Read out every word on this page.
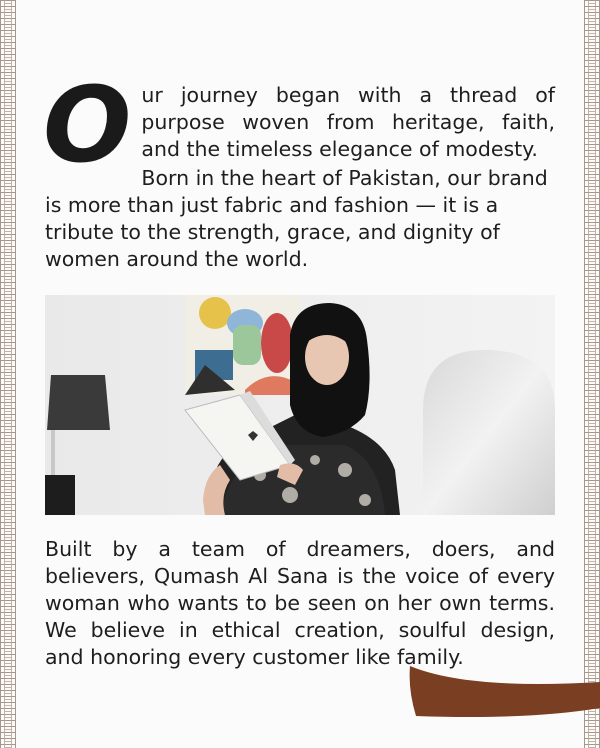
O ur journey began with a thread of purpose woven from heritage, faith, and the timeless elegance of modesty.
Born in the heart of Pakistan, our brand is more than just fabric and fashion — it is a tribute to the strength, grace, and dignity of women around the world.
Built by a team of dreamers, doers, and believers, Qumash Al Sana is the voice of every woman who wants to be seen on her own terms. We believe in ethical creation, soulful design, and honoring every customer like family.
